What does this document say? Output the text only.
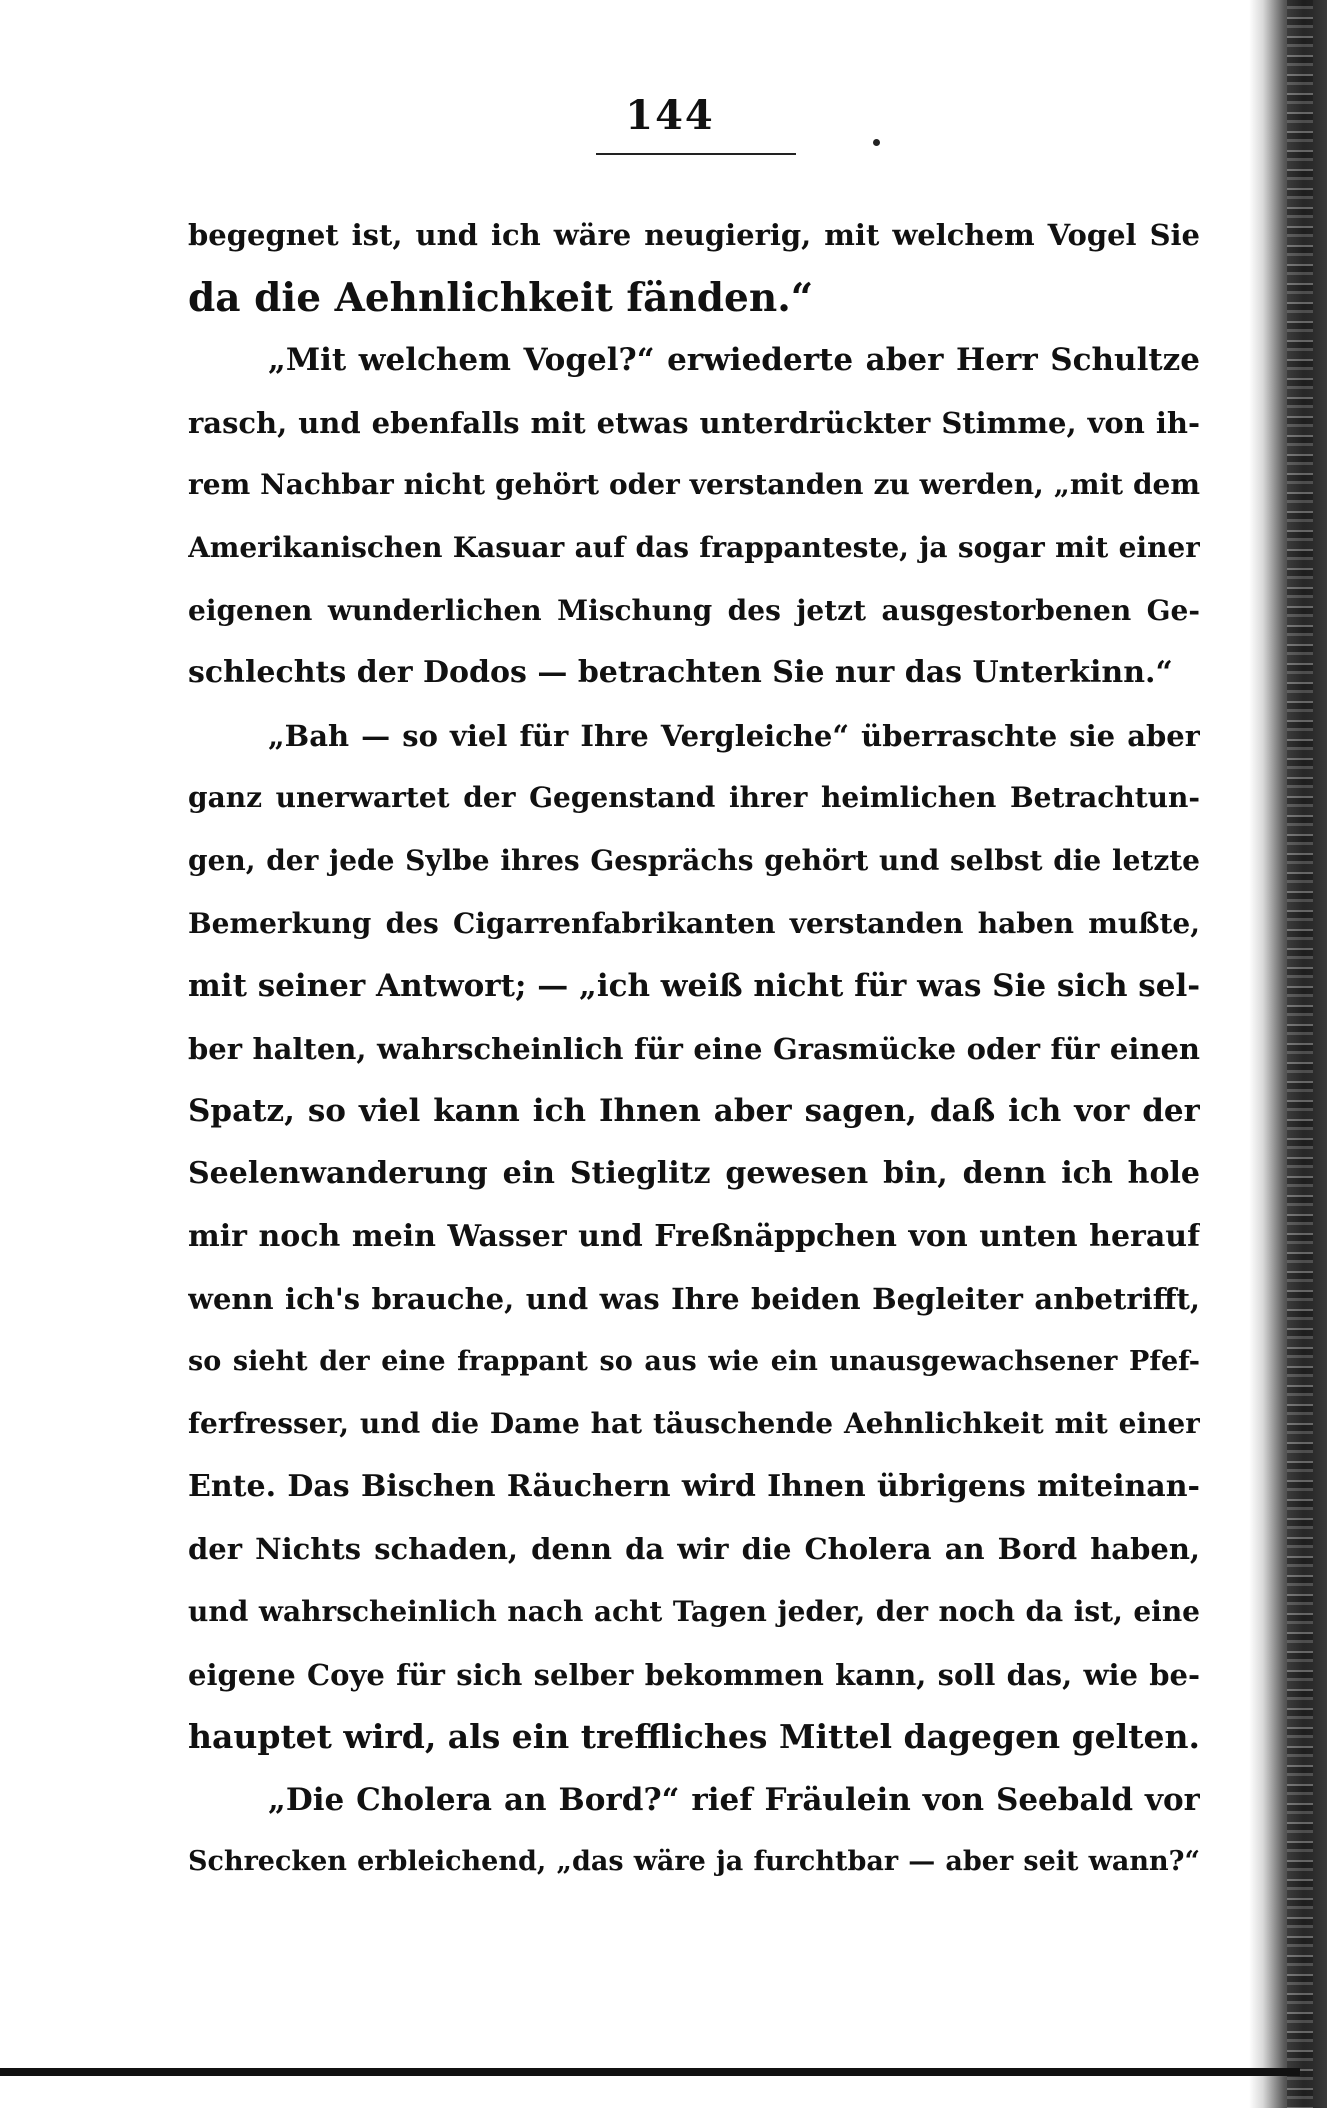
144
begegnet ist, und ich wäre neugierig, mit welchem Vogel Sie
da die Aehnlichkeit fänden.“
„Mit welchem Vogel?“ erwiederte aber Herr Schultze
rasch, und ebenfalls mit etwas unterdrückter Stimme, von ih-
rem Nachbar nicht gehört oder verstanden zu werden, „mit dem
Amerikanischen Kasuar auf das frappanteste, ja sogar mit einer
eigenen wunderlichen Mischung des jetzt ausgestorbenen Ge-
schlechts der Dodos — betrachten Sie nur das Unterkinn.“
„Bah — so viel für Ihre Vergleiche“ überraschte sie aber
ganz unerwartet der Gegenstand ihrer heimlichen Betrachtun-
gen, der jede Sylbe ihres Gesprächs gehört und selbst die letzte
Bemerkung des Cigarrenfabrikanten verstanden haben mußte,
mit seiner Antwort; — „ich weiß nicht für was Sie sich sel-
ber halten, wahrscheinlich für eine Grasmücke oder für einen
Spatz, so viel kann ich Ihnen aber sagen, daß ich vor der
Seelenwanderung ein Stieglitz gewesen bin, denn ich hole
mir noch mein Wasser und Freßnäppchen von unten herauf
wenn ich's brauche, und was Ihre beiden Begleiter anbetrifft,
so sieht der eine frappant so aus wie ein unausgewachsener Pfef-
ferfresser, und die Dame hat täuschende Aehnlichkeit mit einer
Ente. Das Bischen Räuchern wird Ihnen übrigens miteinan-
der Nichts schaden, denn da wir die Cholera an Bord haben,
und wahrscheinlich nach acht Tagen jeder, der noch da ist, eine
eigene Coye für sich selber bekommen kann, soll das, wie be-
hauptet wird, als ein treffliches Mittel dagegen gelten.
„Die Cholera an Bord?“ rief Fräulein von Seebald vor
Schrecken erbleichend, „das wäre ja furchtbar — aber seit wann?“
